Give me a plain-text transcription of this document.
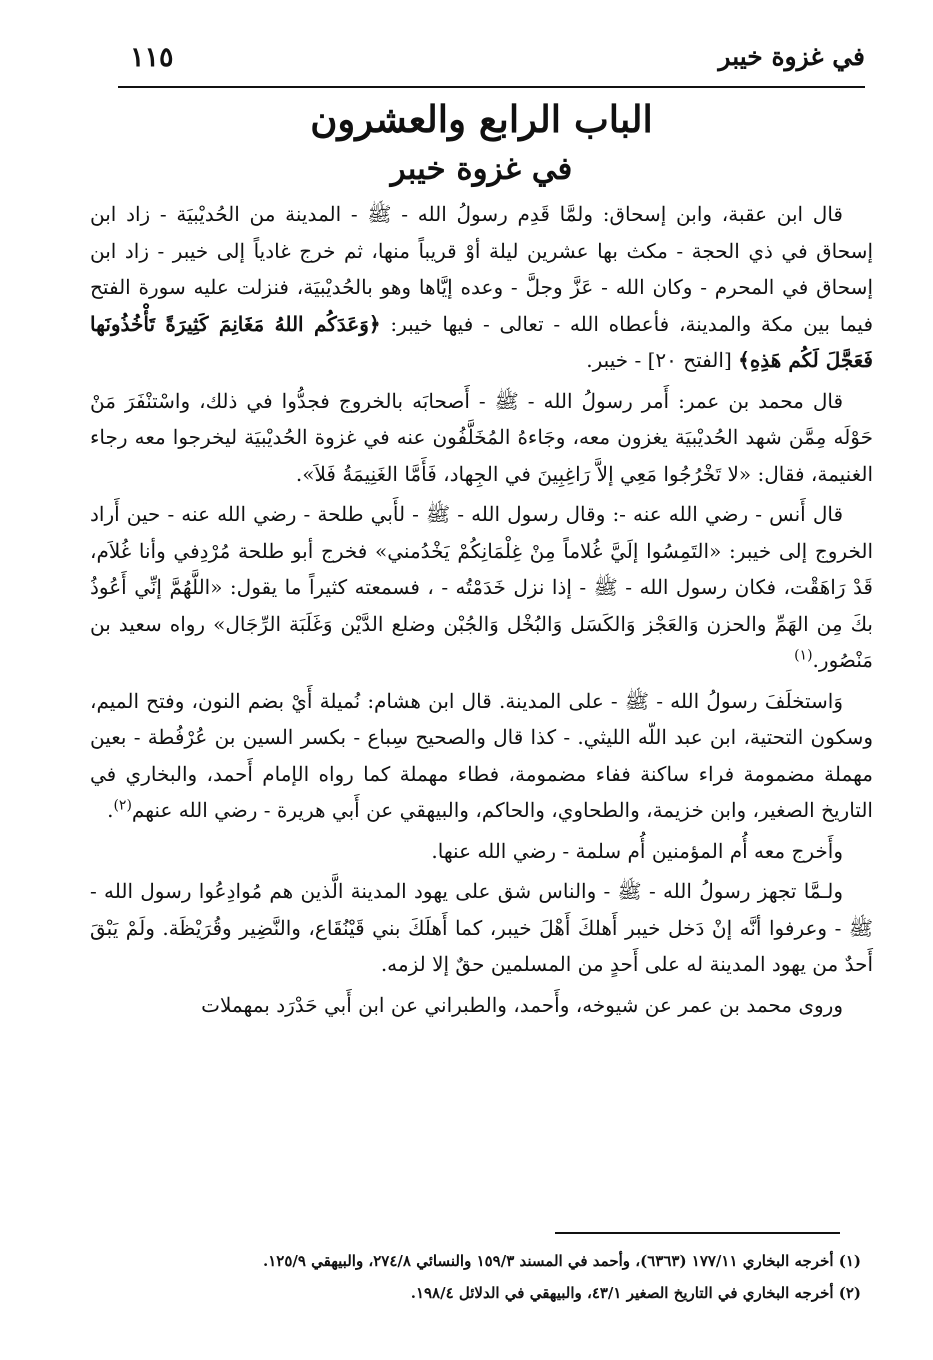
١١٥	في غزوة خيبر
الباب الرابع والعشرون
في غزوة خيبر

قال ابن عقبة، وابن إسحاق: ولمَّا قَدِم رسولُ الله - ﷺ - المدينة من الحُديْبيَة - زاد ابن إسحاق في ذي الحجة - مكث بها عشرين ليلة أوْ قريباً منها، ثم خرج غادياً إلى خيبر - زاد ابن إسحاق في المحرم - وكان الله - عَزَّ وجلَّ - وعده إيَّاها وهو بالحُديْبيَة، فنزلت عليه سورة الفتح فيما بين مكة والمدينة، فأعطاه الله - تعالى - فيها خيبر: ﴿وَعَدَكُم اللهُ مَغَانِمَ كَثِيرَةً تَأْخُذُونَها فَعَجَّلَ لَكُم هَذِهِ﴾ [الفتح ٢٠] - خيبر.

قال محمد بن عمر: أَمر رسولُ الله - ﷺ - أَصحابَه بالخروج فجدُّوا في ذلك، واسْتنْفَرَ مَنْ حَوْلَه مِمَّن شهد الحُديْبيَة يغزون معه، وجَاءهُ المُخَلَّفُون عنه في غزوة الحُديْبيَة ليخرجوا معه رجاء الغنيمة، فقال: «لا تَخْرُجُوا مَعِي إلاَّ رَاغِبِينَ في الجِهاد، فَأَمَّا الغَنِيمَةُ فَلاَ».

قال أَنس - رضي الله عنه -: وقال رسول الله - ﷺ - لأَبي طلحة - رضي الله عنه - حين أَراد الخروج إلى خيبر: «التَمِسُوا إلَيَّ غُلاماً مِنْ غِلْمَانِكُمْ يَخْدُمني» فخرج أبو طلحة مُرْدِفي وأنا غُلاَم، قَدْ رَاهَقْت، فكان رسول الله - ﷺ - إذا نزل خَدَمْتُه - ، فسمعته كثيراً ما يقول: «اللَّهُمَّ إنِّي أَعُوذُ بكَ مِن الهَمِّ والحزن وَالعَجْز وَالكَسَل وَالبُخْل وَالجُبْن وضلع الدَّيْن وَغَلَبَة الرِّجَال» رواه سعيد بن مَنْصُور.$^{(١)}$

وَاستخلَفَ رسولُ الله - ﷺ - على المدينة. قال ابن هشام: نُميلة أَيْ بضم النون، وفتح الميم، وسكون التحتية، ابن عبد اللّه الليثي. - كذا قال والصحيح سِباع - بكسر السين بن عُرْفُطة - بعين مهملة مضمومة فراء ساكنة ففاء مضمومة، فطاء مهملة كما رواه الإمام أَحمد، والبخاري في التاريخ الصغير، وابن خزيمة، والطحاوي، والحاكم، والبيهقي عن أَبي هريرة - رضي الله عنهم$^{(٢)}$.

وأَخرج معه أُم المؤمنين أُم سلمة - رضي الله عنها.

ولـمَّا تجهز رسولُ الله - ﷺ - والناس شق على يهود المدينة الَّذين هم مُوادِعُوا رسول الله - ﷺ - وعرفوا أنَّه إنْ دَخل خيبر أَهلكَ أَهْلَ خيبر، كما أَهلَكَ بني قَيْنُقَاع، والنَّضِير وقُرَيْظَة. ولَمْ يَبْقَ أَحدٌ من يهود المدينة له على أَحدٍ من المسلمين حقٌ إلا لزمه.

وروى محمد بن عمر عن شيوخه، وأَحمد، والطبراني عن ابن أَبي حَدْرَد بمهملات

(١) أخرجه البخاري ١٧٧/١١ (٦٣٦٣)، وأحمد في المسند ١٥٩/٣ والنسائي ٢٧٤/٨، والبيهقي ١٢٥/٩.

(٢) أخرجه البخاري في التاريخ الصغير ٤٣/١، والبيهقي في الدلائل ١٩٨/٤.
